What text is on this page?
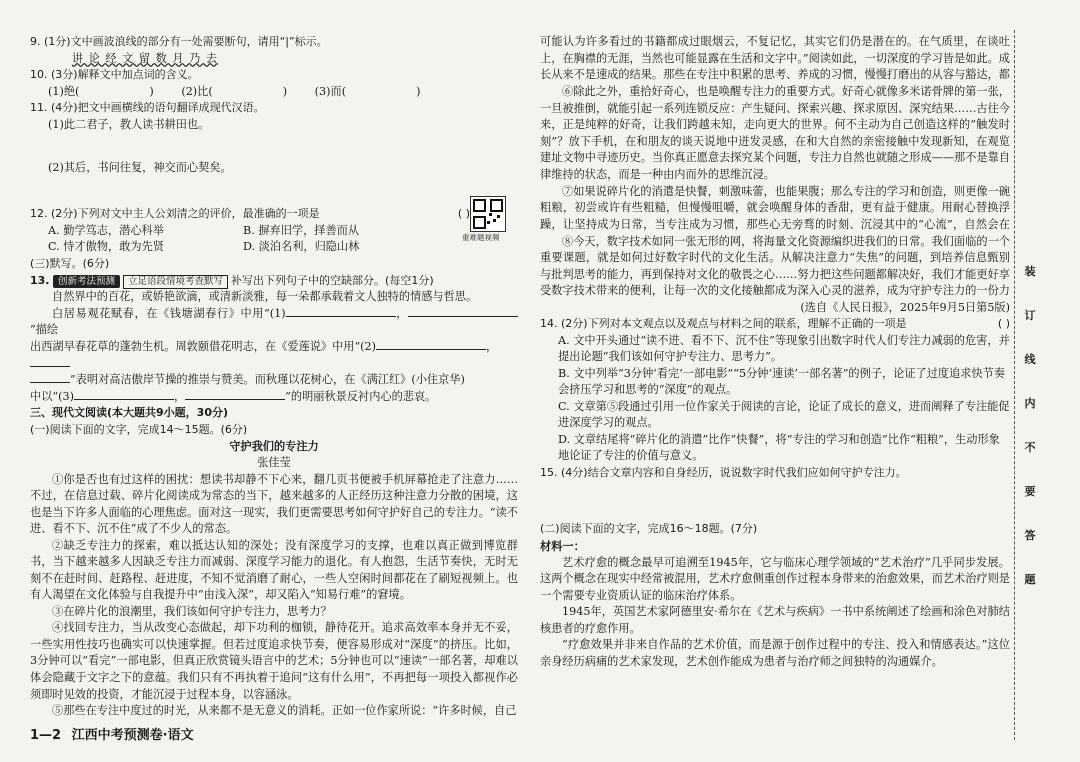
9. (1分)文中画波浪线的部分有一处需要断句，请用“|”标示。
讲 论 经 文 留 数 月 乃 去
10. (3分)解释文中加点词的含义。
(1)绝(	)	(2)比(	)	(3)而(	)
11. (4分)把文中画横线的语句翻译成现代汉语。
(1)此二君子，教人读书耕田也。
(2)其后，书问往复，神交而心契矣。
12. (2分)下列对文中主人公刘清之的评价，最准确的一项是	( )
A. 勤学笃志，潜心科举	B. 摒弃旧学，择善而从
C. 恃才傲物，敢为先贤	D. 淡泊名利，归隐山林
(三)默写。(6分)
13. 创新考法预测 立足语段情境考查默写 补写出下列句子中的空缺部分。(每空1分)
自然界中的百花，或娇艳欲滴，或清新淡雅，每一朵都承载着文人独特的情感与哲思。
白居易观花赋春，在《钱塘湖春行》中用“(1)	，”描绘
出西湖早春花草的蓬勃生机。周敦颐借花明志，在《爱莲说》中用“(2)	，
”表明对高洁傲岸节操的推崇与赞美。而秋瑾以花树心，在《满江红》(小住京华)
中以“(3)	，	”的明丽秋景反衬内心的悲哀。
三、现代文阅读(本大题共9小题，30分)
(一)阅读下面的文字，完成14～15题。(6分)
守护我们的专注力
张佳莹
①你是否也有过这样的困扰：想读书却静不下心来，翻几页书便被手机屏幕抢走了注意力……不过，在信息过载、碎片化阅读成为常态的当下，越来越多的人正经历这种注意力分散的困境，这也是当下许多人面临的心理焦虑。面对这一现实，我们更需要思考如何守护好自己的专注力。“读不进、看不下、沉不住”成了不少人的常态。
②缺乏专注力的探索，难以抵达认知的深处；没有深度学习的支撑，也难以真正做到博览群书，当下越来越多人因缺乏专注力而减弱、深度学习能力的退化。有人抱怨，生活节奏快，无时无刻不在赶时间、赶路程、赶进度，不知不觉消磨了耐心，一些人空闲时间都花在了刷短视频上。也有人渴望在文化体验与自我提升中“由浅入深”，却又陷入“知易行难”的窘境。
③在碎片化的浪潮里，我们该如何守护专注力，思考力？
④找回专注力，当从改变心态做起，却下功利的枷锁，静待花开。追求高效率本身并无不妥，一些实用性技巧也确实可以快速掌握。但若过度追求快节奏，便容易形成对“深度”的挤压。比如，3分钟可以“看完”一部电影，但真正欣赏镜头语言中的艺术；5分钟也可以“速读”一部名著，却难以体会隐藏于文字之下的意蕴。我们只有不再执着于追问“这有什么用”，不再把每一项投入都视作必须即时见效的投资，才能沉浸于过程本身，以容涵泳。
⑤那些在专注中度过的时光，从来都不是无意义的消耗。正如一位作家所说：“许多时候，自己
重难题视频
可能认为许多看过的书籍都成过眼烟云，不复记忆，其实它们仍是潜在的。在气质里，在谈吐上，在胸襟的无涯，当然也可能显露在生活和文字中。”阅读如此，一切深度的学习皆是如此。成长从来不是速成的结果。那些在专注中积累的思考、养成的习惯，慢慢打磨出的从容与豁达，都
⑥除此之外，重拾好奇心，也是唤醒专注力的重要方式。好奇心就像多米诺骨牌的第一张，一旦被推倒，就能引起一系列连锁反应：产生疑问、探索兴趣、探求原因、深究结果……古往今来，正是纯粹的好奇，让我们跨越未知，走向更大的世界。何不主动为自己创造这样的“触发时刻”？放下手机，在和朋友的谈天说地中迸发灵感，在和大自然的亲密接触中发现新知，在观览建址文物中寻迹历史。当你真正愿意去探究某个问题，专注力自然也就随之形成——那不是靠自律维持的状态，而是一种由内而外的思维沉浸。
⑦如果说碎片化的消遣是快餐，刺激味蕾，也能果腹；那么专注的学习和创造，则更像一碗粗粮，初尝或许有些粗糙，但慢慢咀嚼，就会唤醒身体的香甜，更有益于健康。用耐心替换浮躁，让坚持成为日常，当专注成为习惯，那些心无旁骛的时刻、沉浸其中的“心流”，自然会在
⑧今天，数字技术如同一张无形的网，将海量文化资源编织进我们的日常。我们面临的一个重要课题，就是如何过好数字时代的文化生活。从解决注意力“失焦”的问题，到培养信息甄别与批判思考的能力，再到保持对文化的敬畏之心……努力把这些问题都解决好，我们才能更好享受数字技术带来的便利，让每一次的文化接触都成为深入心灵的滋养，成为守护专注力的一份力
(选自《人民日报》，2025年9月5日第5版)
14. (2分)下列对本文观点以及观点与材料之间的联系，理解不正确的一项是	( )
A. 文中开头通过“读不进、看不下、沉不住”等现象引出数字时代人们专注力减弱的危害，并提出论题“我们该如何守护专注力、思考力”。
B. 文中列举“3分钟‘看完’一部电影”“5分钟‘速读’一部名著”的例子，论证了过度追求快节奏会挤压学习和思考的“深度”的观点。
C. 文章第⑤段通过引用一位作家关于阅读的言论，论证了成长的意义，进而阐释了专注能促进深度学习的观点。
D. 文章结尾将“碎片化的消遣”比作“快餐”，将“专注的学习和创造”比作“粗粮”，生动形象地论证了专注的价值与意义。
15. (4分)结合文章内容和自身经历，说说数字时代我们应如何守护专注力。
(二)阅读下面的文字，完成16～18题。(7分)
材料一：
艺术疗愈的概念最早可追溯至1945年，它与临床心理学领域的“艺术治疗”几乎同步发展。这两个概念在现实中经常被混用，艺术疗愈侧重创作过程本身带来的治愈效果，而艺术治疗则是一个需要专业资质认证的临床治疗体系。
1945年，英国艺术家阿德里安·希尔在《艺术与疾病》一书中系统阐述了绘画和涂色对肺结核患者的疗愈作用。
“疗愈效果并非来自作品的艺术价值，而是源于创作过程中的专注、投入和情感表达。”这位亲身经历病痛的艺术家发现，艺术创作能成为患者与治疗师之间独特的沟通媒介。
装
订
线
内
不
要
答
题
1—2 江西中考预测卷·语文
